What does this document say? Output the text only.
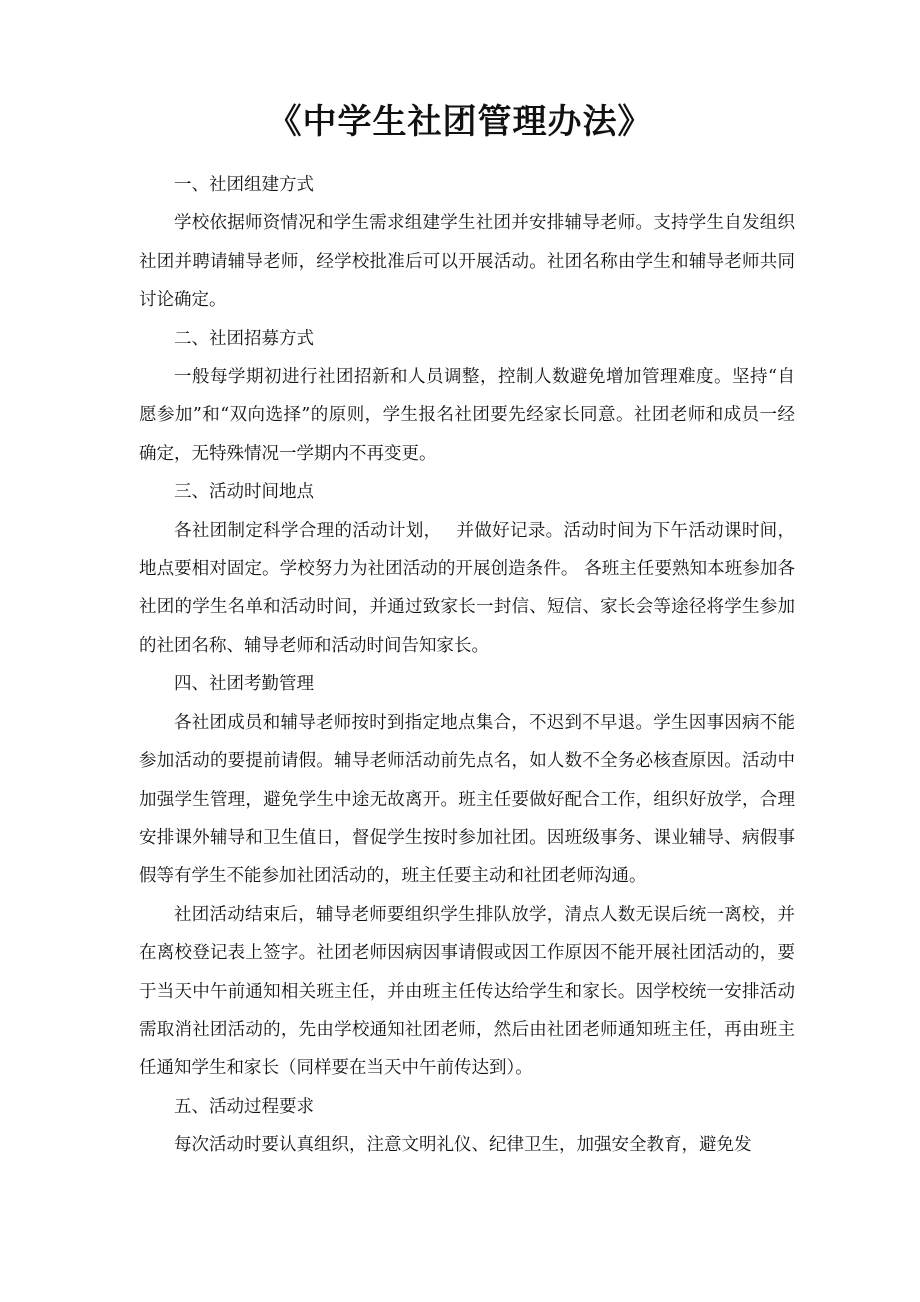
《中学生社团管理办法》

一、社团组建方式

学校依据师资情况和学生需求组建学生社团并安排辅导老师。支持学生自发组织社团并聘请辅导老师，经学校批准后可以开展活动。社团名称由学生和辅导老师共同讨论确定。

二、社团招募方式

一般每学期初进行社团招新和人员调整，控制人数避免增加管理难度。坚持“自愿参加”和“双向选择”的原则，学生报名社团要先经家长同意。社团老师和成员一经确定，无特殊情况一学期内不再变更。

三、活动时间地点

各社团制定科学合理的活动计划，　 并做好记录。活动时间为下午活动课时间，地点要相对固定。学校努力为社团活动的开展创造条件。 各班主任要熟知本班参加各社团的学生名单和活动时间，并通过致家长一封信、短信、家长会等途径将学生参加的社团名称、辅导老师和活动时间告知家长。

四、社团考勤管理

各社团成员和辅导老师按时到指定地点集合，不迟到不早退。学生因事因病不能参加活动的要提前请假。辅导老师活动前先点名，如人数不全务必核查原因。活动中加强学生管理，避免学生中途无故离开。班主任要做好配合工作，组织好放学，合理安排课外辅导和卫生值日，督促学生按时参加社团。因班级事务、课业辅导、病假事假等有学生不能参加社团活动的，班主任要主动和社团老师沟通。

社团活动结束后，辅导老师要组织学生排队放学，清点人数无误后统一离校，并在离校登记表上签字。社团老师因病因事请假或因工作原因不能开展社团活动的，要于当天中午前通知相关班主任，并由班主任传达给学生和家长。因学校统一安排活动需取消社团活动的，先由学校通知社团老师，然后由社团老师通知班主任，再由班主任通知学生和家长（同样要在当天中午前传达到）。

五、活动过程要求

每次活动时要认真组织，注意文明礼仪、纪律卫生，加强安全教育，避免发
